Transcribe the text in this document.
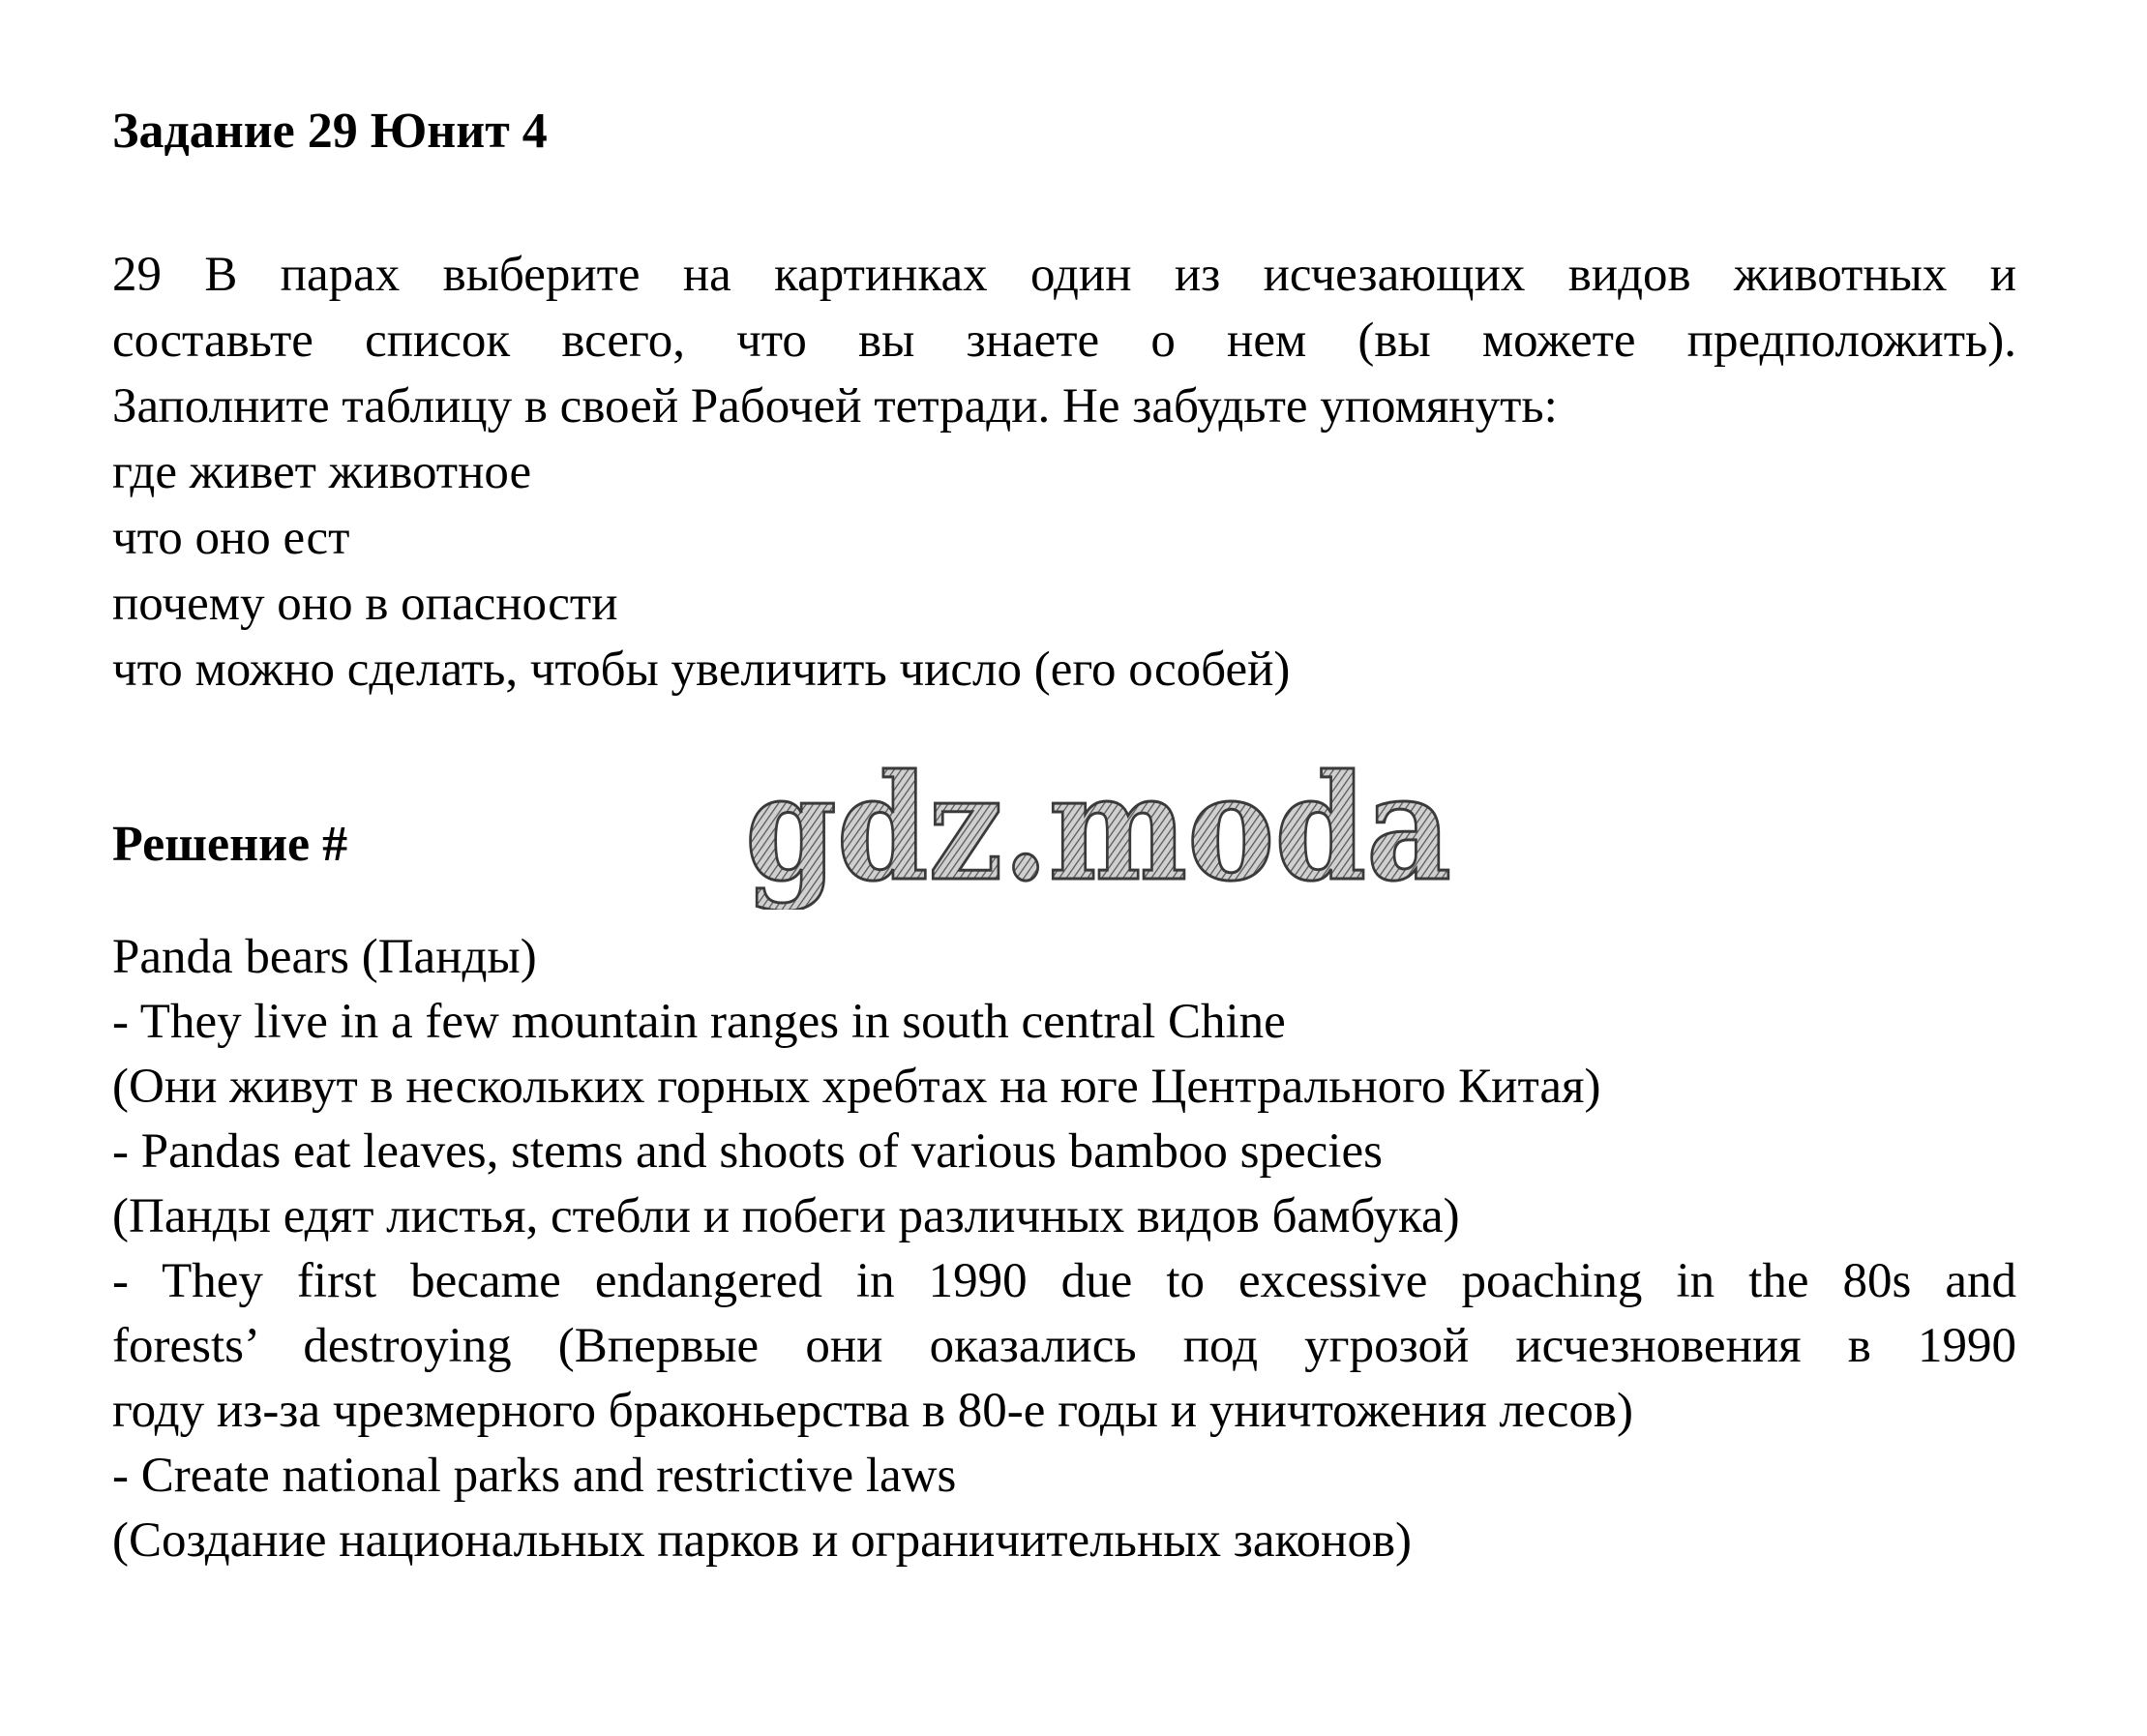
Задание 29 Юнит 4
29 В парах выберите на картинках один из исчезающих видов животных и
составьте список всего, что вы знаете о нем (вы можете предположить).
Заполните таблицу в своей Рабочей тетради. Не забудьте упомянуть:
где живет животное
что оно ест
почему оно в опасности
что можно сделать, чтобы увеличить число (его особей)
Решение #	gdz.moda
Panda bears (Панды)
- They live in a few mountain ranges in south central Chine
(Они живут в нескольких горных хребтах на юге Центрального Китая)
- Pandas eat leaves, stems and shoots of various bamboo species
(Панды едят листья, стебли и побеги различных видов бамбука)
- They first became endangered in 1990 due to excessive poaching in the 80s and
forests’ destroying (Впервые они оказались под угрозой исчезновения в 1990
году из-за чрезмерного браконьерства в 80-е годы и уничтожения лесов)
- Create national parks and restrictive laws
(Создание национальных парков и ограничительных законов)
